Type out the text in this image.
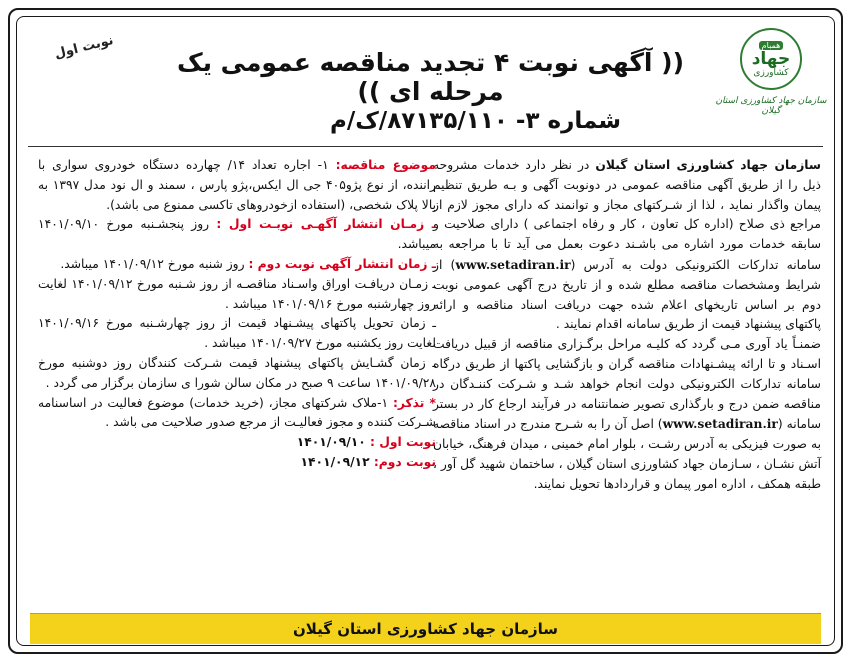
همبام
جهاد
کشاورزی
سازمان جهاد کشاورزی استان گیلان
(( آگهی نوبت ۴ تجدید مناقصه عمومی یک مرحله ای ))
نوبت اول
شماره ۳- ۸۷۱۳۵/۱۱۰/ک/م

سازمان جهاد کشاورزی استان گیلان در نظر دارد خدمات مشروحه ذیل را از طریق آگهی مناقصه عمومی در دونوبت آگهی و بـه طریق تنظیم پیمان واگذار نماید ، لذا از شـرکتهای مجاز و توانمند که دارای مجوز لازم از مراجع ذی صلاح (اداره کل تعاون ، کار و رفاه اجتماعی ) دارای صلاحیت و سابقه خدمات مورد اشاره می باشـند دعوت بعمل می آید تا با مراجعه به سامانه تدارکات الکترونیکی دولت به آدرس (www.setadiran.ir) از شرایط ومشخصات مناقصه مطلع شده و از تاریخ درج آگهی عمومی نوبت دوم بر اساس تاریخهای اعلام شده جهت دریافت اسناد مناقصه و ارائه پاکتهای پیشنهاد قیمت از طریق سامانه اقدام نمایند .

ضمنـاً یاد آوری مـی گردد که کلیـه مراحل برگـزاری مناقصه از قبیل دریافت اسـناد و تا ارائه پیشـنهادات مناقصه گران و بازگشایی پاکتها از طریق درگاه سامانه تدارکات الکترونیکی دولت انجام خواهد شـد و شـرکت کننـدگان در مناقصه ضمن درج و بارگذاری تصویر ضمانتنامه در فرآیند ارجاع کار در بستر سامانه (www.setadiran.ir) اصل آن را به شـرح مندرج در اسناد مناقصه به صورت فیزیکی به آدرس رشـت ، بلوار امام خمینی ، میدان فرهنگ، خیابان آتش نشـان ، سـازمان جهاد کشاورزی استان گیلان ، ساختمان شهید گل آور ، طبقه همکف ، اداره امور پیمان و قراردادها تحویل نمایند.

موضوع مناقصه: ۱- اجاره تعداد ۱۴/ چهارده دستگاه خودروی سواری با راننده، از نوع پژو۴۰۵ جی ال ایکس،پژو پارس ، سمند و ال نود مدل ۱۳۹۷ به بالا پلاک شخصی، (استفاده ازخودروهای تاکسی ممنوع می باشد).

ـ زمـان انتشار آگهـی نوبـت اول : روز پنجشـنبه مورخ ۱۴۰۱/۰۹/۱۰ میباشد.

ـ زمان انتشار آگهی نوبت دوم : روز شنبه مورخ ۱۴۰۱/۰۹/۱۲ میباشد.

ـ زمـان دریافـت اوراق واسـناد مناقصـه از روز شـنبه مورخ ۱۴۰۱/۰۹/۱۲ لغایت روز چهارشنبه مورخ ۱۴۰۱/۰۹/۱۶ میباشد .

ـ زمان تحویل پاکتهای پیشـنهاد قیمت از روز چهارشـنبه مورخ ۱۴۰۱/۰۹/۱۶ لغایت روز یکشنبه مورخ ۱۴۰۱/۰۹/۲۷ میباشد .

ـ زمان گشـایش پاکتهای پیشنهاد قیمت شـرکت کنندگان روز دوشنبه مورخ ۱۴۰۱/۰۹/۲۸ ساعت ۹ صبح در مکان سالن شورا ی سازمان برگزار می گردد .

* تذکر: ۱-ملاک شرکتهای مجاز، (خرید خدمات) موضوع فعالیت در اساسنامه شـرکت کننده و مجوز فعالیـت از مرجع صدور صلاحیت می باشد .

نوبت اول : ۱۴۰۱/۰۹/۱۰

نوبت دوم: ۱۴۰۱/۰۹/۱۲

سازمان جهاد کشاورزی استان گیلان
